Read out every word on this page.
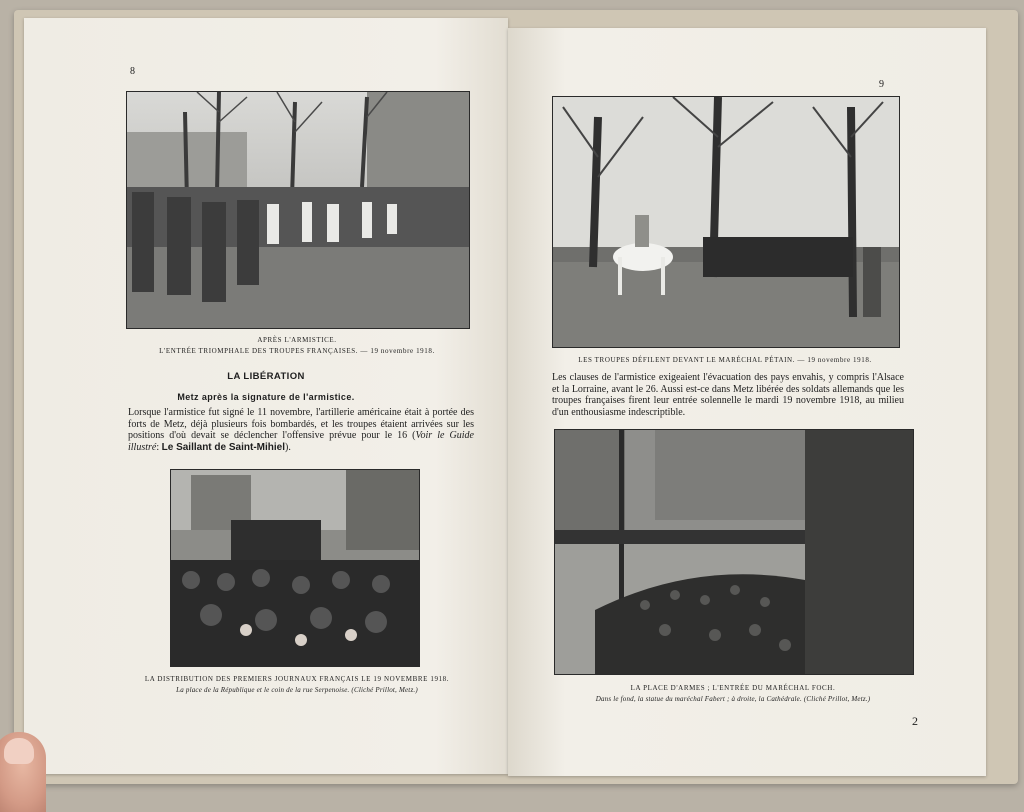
8
APRÈS L'ARMISTICE.
L'ENTRÉE TRIOMPHALE DES TROUPES FRANÇAISES. — 19 novembre 1918.
LA LIBÉRATION
Metz après la signature de l'armistice.
Lorsque l'armistice fut signé le 11 novembre, l'artillerie américaine était à portée des forts de Metz, déjà plusieurs fois bombardés, et les troupes étaient arrivées sur les positions d'où devait se déclencher l'offensive prévue pour le 16 (Voir le Guide illustré: Le Saillant de Saint-Mihiel).
LA DISTRIBUTION DES PREMIERS JOURNAUX FRANÇAIS LE 19 NOVEMBRE 1918.
La place de la République et le coin de la rue Serpenoise. (Cliché Prillot, Metz.)
9
LES TROUPES DÉFILENT DEVANT LE MARÉCHAL PÉTAIN. — 19 novembre 1918.
Les clauses de l'armistice exigeaient l'évacuation des pays envahis, y compris l'Alsace et la Lorraine, avant le 26. Aussi est-ce dans Metz libérée des soldats allemands que les troupes françaises firent leur entrée solennelle le mardi 19 novembre 1918, au milieu d'un enthousiasme indescriptible.
LA PLACE D'ARMES ; L'ENTRÉE DU MARÉCHAL FOCH.
Dans le fond, la statue du maréchal Fabert ; à droite, la Cathédrale. (Cliché Prillot, Metz.)
2
